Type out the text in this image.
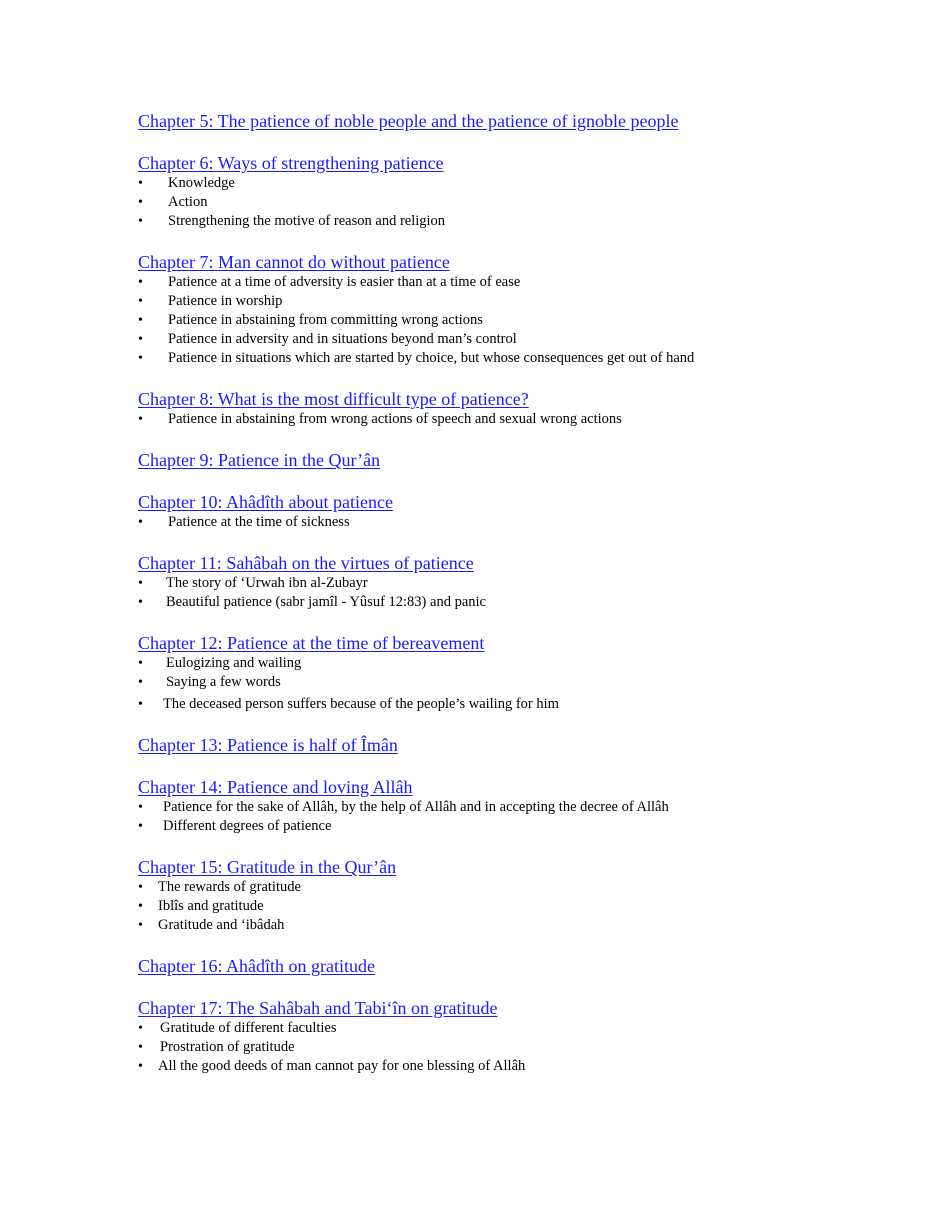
Chapter 5: The patience of noble people and the patience of ignoble people
Chapter 6: Ways of strengthening patience
• Knowledge
• Action
• Strengthening the motive of reason and religion
Chapter 7: Man cannot do without patience
• Patience at a time of adversity is easier than at a time of ease
• Patience in worship
• Patience in abstaining from committing wrong actions
• Patience in adversity and in situations beyond man’s control
• Patience in situations which are started by choice, but whose consequences get out of hand
Chapter 8: What is the most difficult type of patience?
• Patience in abstaining from wrong actions of speech and sexual wrong actions
Chapter 9: Patience in the Qur’ân
Chapter 10: Ahâdîth about patience
• Patience at the time of sickness
Chapter 11: Sahâbah on the virtues of patience
• The story of ‘Urwah ibn al-Zubayr
• Beautiful patience (sabr jamîl - Yûsuf 12:83) and panic
Chapter 12: Patience at the time of bereavement
• Eulogizing and wailing
• Saying a few words
• The deceased person suffers because of the people’s wailing for him
Chapter 13: Patience is half of Îmân
Chapter 14: Patience and loving Allâh
• Patience for the sake of Allâh, by the help of Allâh and in accepting the decree of Allâh
• Different degrees of patience
Chapter 15: Gratitude in the Qur’ân
• The rewards of gratitude
• Iblîs and gratitude
• Gratitude and ‘ibâdah
Chapter 16: Ahâdîth on gratitude
Chapter 17: The Sahâbah and Tabi‘în on gratitude
• Gratitude of different faculties
• Prostration of gratitude
• All the good deeds of man cannot pay for one blessing of Allâh
